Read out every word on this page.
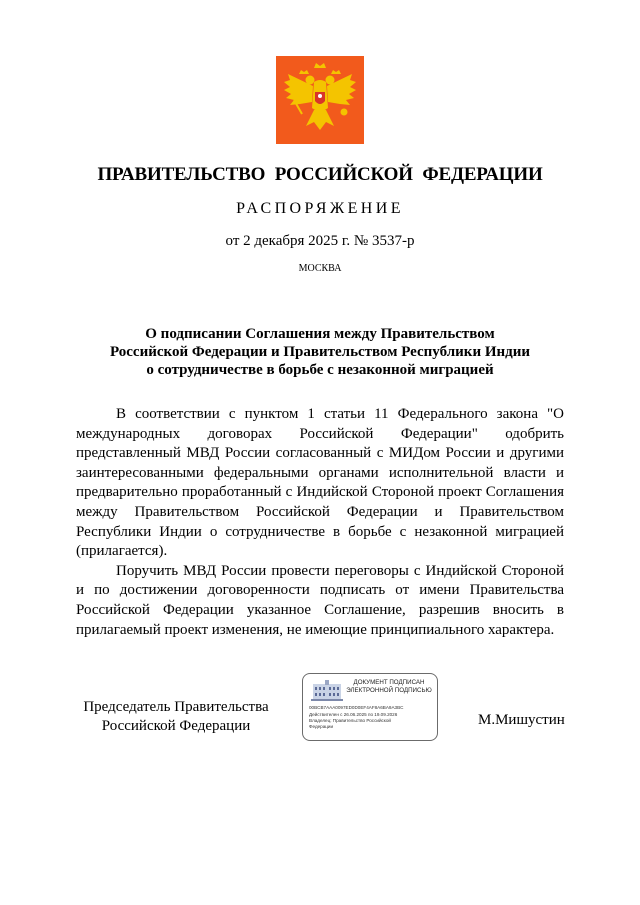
ПРАВИТЕЛЬСТВО РОССИЙСКОЙ ФЕДЕРАЦИИ
РАСПОРЯЖЕНИЕ
от 2 декабря 2025 г. № 3537-р
МОСКВА
О подписании Соглашения между Правительством
Российской Федерации и Правительством Республики Индии
о сотрудничестве в борьбе с незаконной миграцией

В соответствии с пунктом 1 статьи 11 Федерального закона "О международных договорах Российской Федерации" одобрить представленный МВД России согласованный с МИДом России и другими заинтересованными федеральными органами исполнительной власти и предварительно проработанный с Индийской Стороной проект Соглашения между Правительством Российской Федерации и Правительством Республики Индии о сотрудничестве в борьбе с незаконной миграцией (прилагается).

Поручить МВД России провести переговоры с Индийской Стороной и по достижении договоренности подписать от имени Правительства Российской Федерации указанное Соглашение, разрешив вносить в прилагаемый проект изменения, не имеющие принципиального характера.

Председатель Правительства
Российской Федерации
ДОКУМЕНТ ПОДПИСАН
ЭЛЕКТРОННОЙ ПОДПИСЬЮ
00BCB7AAA0097ED0D0EF4AF8A6BA9A3BC
Действителен с 26.06.2025 по 19.09.2026
Владелец: Правительство Российской
Федерации	М.Мишустин
